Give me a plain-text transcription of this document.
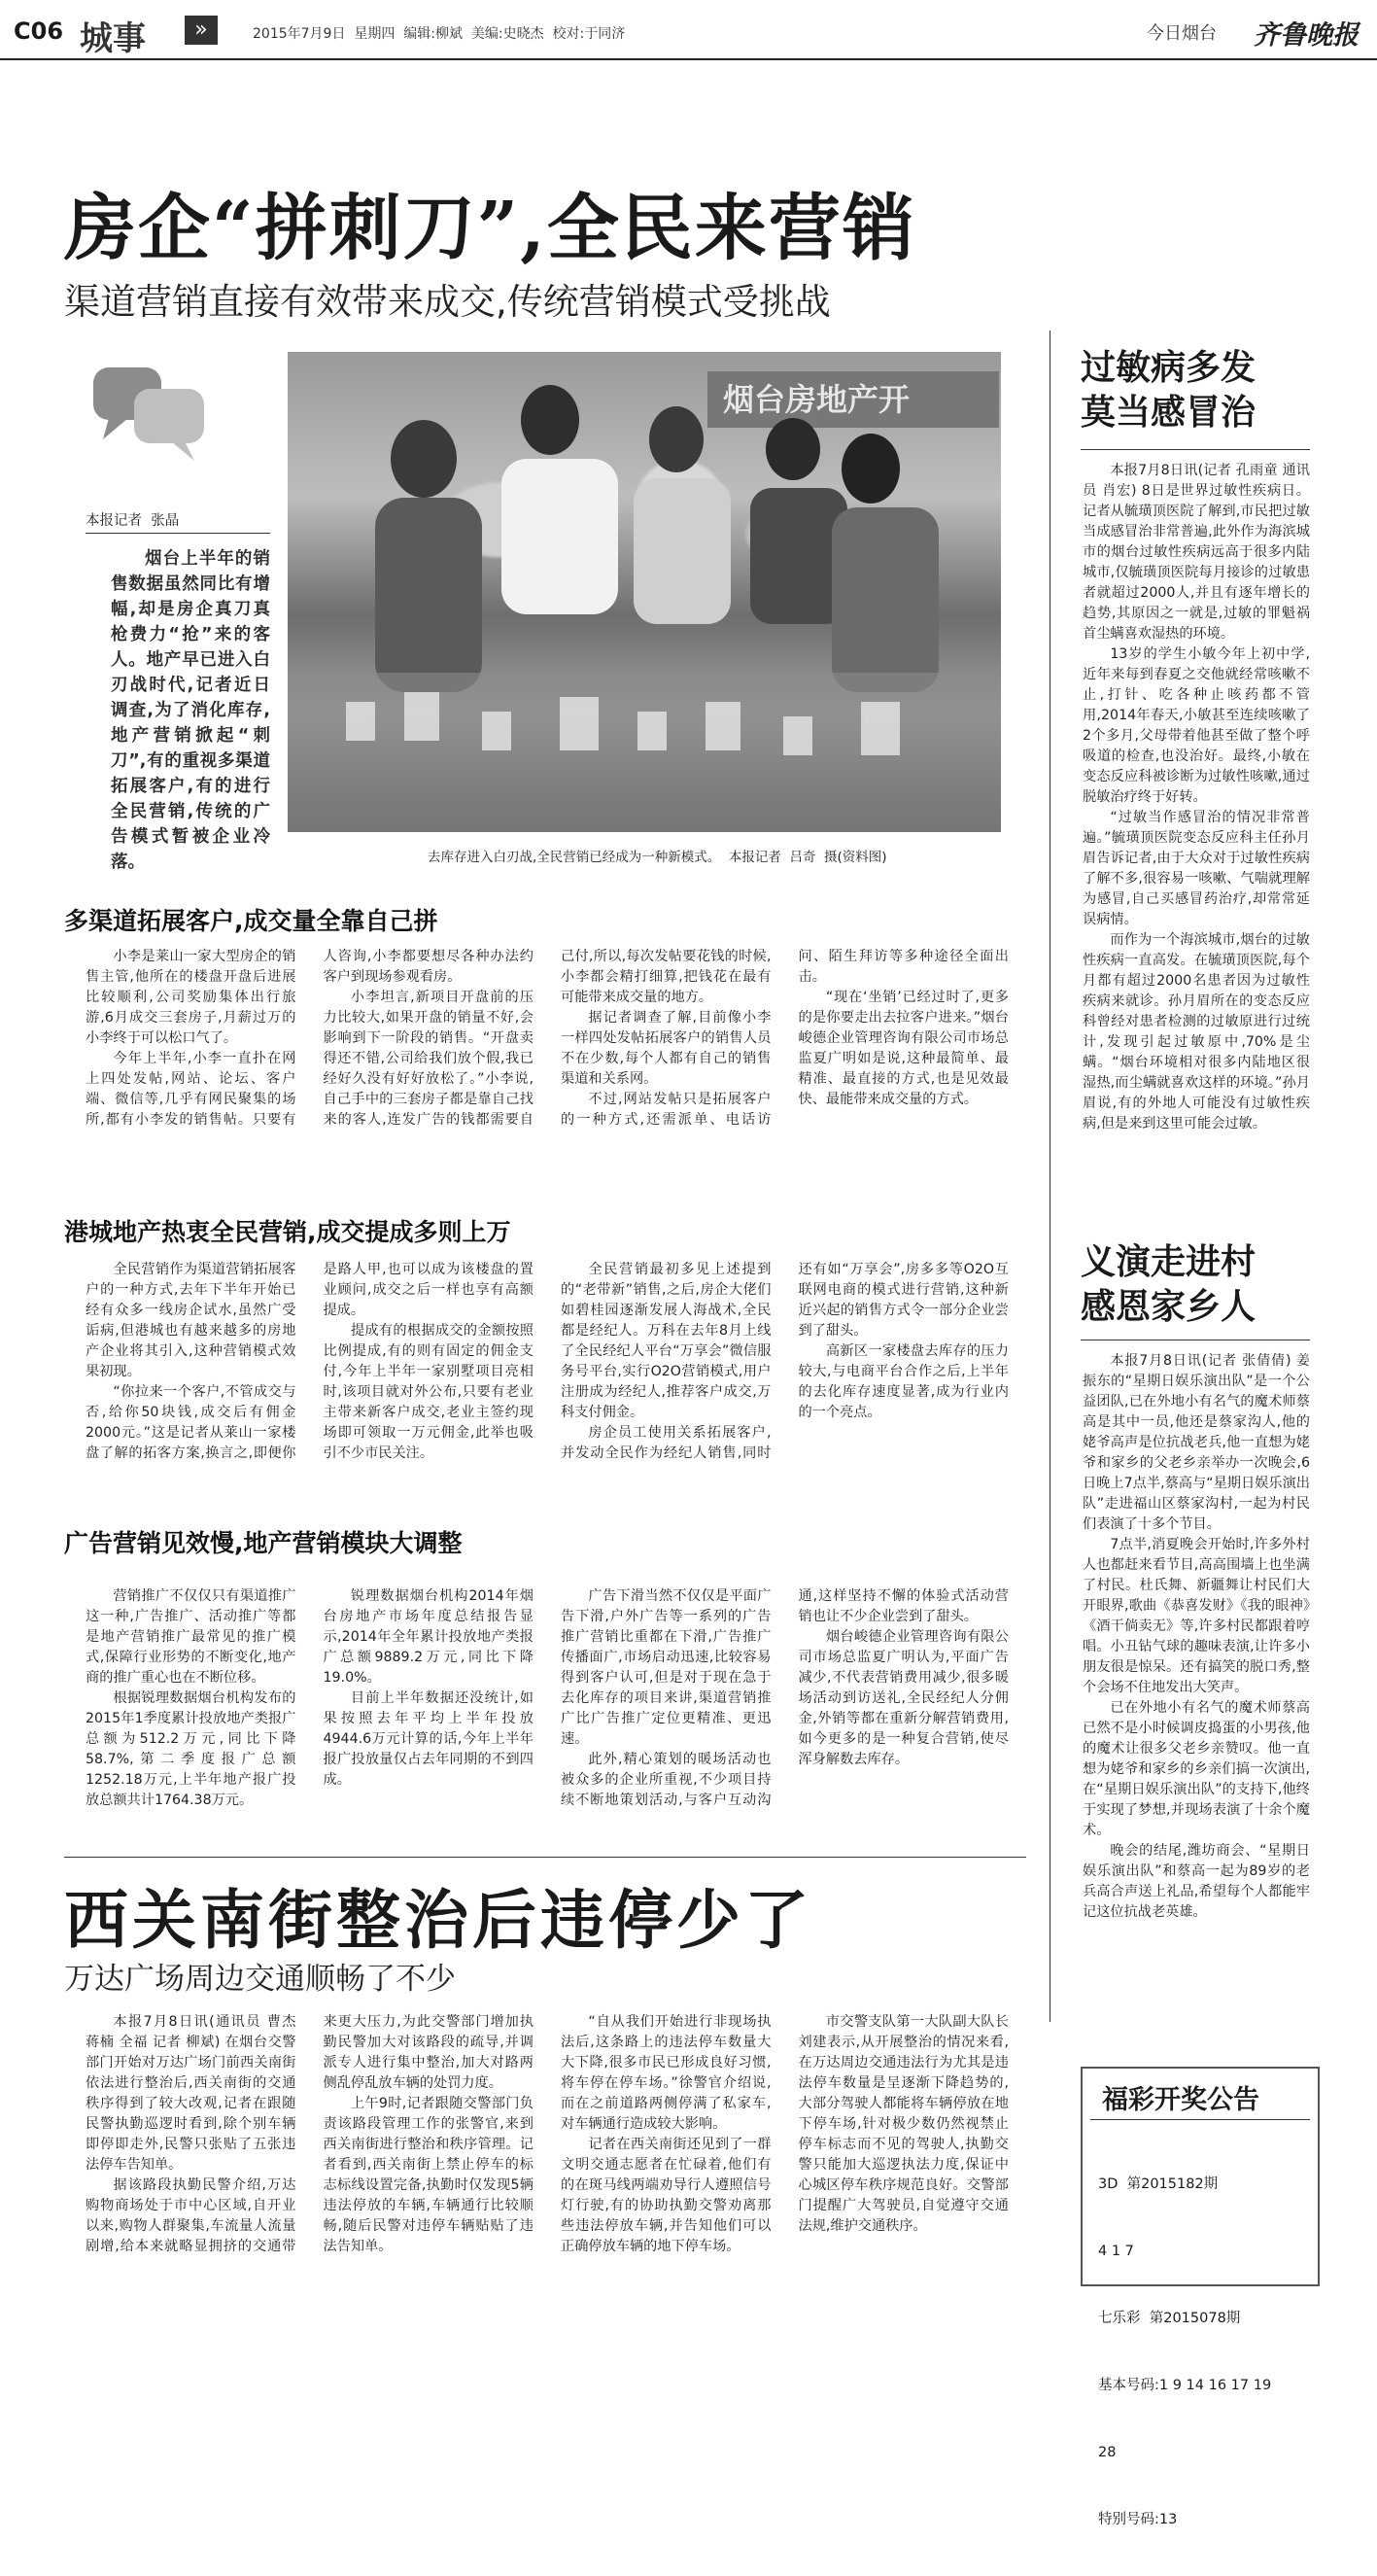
C06 城事	»	2015年7月9日  星期四  编辑:柳斌  美编:史晓杰  校对:于同济	今日烟台 齐鲁晚报
房企“拼刺刀”,全民来营销
渠道营销直接有效带来成交,传统营销模式受挑战
本报记者  张晶

烟台上半年的销售数据虽然同比有增幅,却是房企真刀真枪费力“抢”来的客人。地产早已进入白刃战时代,记者近日调查,为了消化库存,地产营销掀起“刺刀”,有的重视多渠道拓展客户,有的进行全民营销,传统的广告模式暂被企业冷落。

烟台房地产开
去库存进入白刃战,全民营销已经成为一种新模式。  本报记者  吕奇  摄(资料图)
多渠道拓展客户,成交量全靠自己拼

小李是莱山一家大型房企的销售主管,他所在的楼盘开盘后进展比较顺利,公司奖励集体出行旅游,6月成交三套房子,月薪过万的小李终于可以松口气了。

今年上半年,小李一直扑在网上四处发帖,网站、论坛、客户端、微信等,几乎有网民聚集的场所,都有小李发的销售帖。只要有人咨询,小李都要想尽各种办法约客户到现场参观看房。

小李坦言,新项目开盘前的压力比较大,如果开盘的销量不好,会影响到下一阶段的销售。“开盘卖得还不错,公司给我们放个假,我已经好久没有好好放松了。”小李说,自己手中的三套房子都是靠自己找来的客人,连发广告的钱都需要自己付,所以,每次发帖要花钱的时候,小李都会精打细算,把钱花在最有可能带来成交量的地方。

据记者调查了解,目前像小李一样四处发帖拓展客户的销售人员不在少数,每个人都有自己的销售渠道和关系网。

不过,网站发帖只是拓展客户的一种方式,还需派单、电话访问、陌生拜访等多种途径全面出击。

“现在‘坐销’已经过时了,更多的是你要走出去拉客户进来。”烟台峻德企业管理咨询有限公司市场总监夏广明如是说,这种最简单、最精准、最直接的方式,也是见效最快、最能带来成交量的方式。

港城地产热衷全民营销,成交提成多则上万

全民营销作为渠道营销拓展客户的一种方式,去年下半年开始已经有众多一线房企试水,虽然广受诟病,但港城也有越来越多的房地产企业将其引入,这种营销模式效果初现。

“你拉来一个客户,不管成交与否,给你50块钱,成交后有佣金2000元。”这是记者从莱山一家楼盘了解的拓客方案,换言之,即便你是路人甲,也可以成为该楼盘的置业顾问,成交之后一样也享有高额提成。

提成有的根据成交的金额按照比例提成,有的则有固定的佣金支付,今年上半年一家别墅项目亮相时,该项目就对外公布,只要有老业主带来新客户成交,老业主签约现场即可领取一万元佣金,此举也吸引不少市民关注。

全民营销最初多见上述提到的“老带新”销售,之后,房企大佬们如碧桂园逐渐发展人海战术,全民都是经纪人。万科在去年8月上线了全民经纪人平台“万享会”微信服务号平台,实行O2O营销模式,用户注册成为经纪人,推荐客户成交,万科支付佣金。

房企员工使用关系拓展客户,并发动全民作为经纪人销售,同时还有如“万享会”,房多多等O2O互联网电商的模式进行营销,这种新近兴起的销售方式令一部分企业尝到了甜头。

高新区一家楼盘去库存的压力较大,与电商平台合作之后,上半年的去化库存速度显著,成为行业内的一个亮点。

广告营销见效慢,地产营销模块大调整

营销推广不仅仅只有渠道推广这一种,广告推广、活动推广等都是地产营销推广最常见的推广模式,保障行业形势的不断变化,地产商的推广重心也在不断位移。

根据锐理数据烟台机构发布的2015年1季度累计投放地产类报广总额为512.2万元,同比下降58.7%,第二季度报广总额1252.18万元,上半年地产报广投放总额共计1764.38万元。

锐理数据烟台机构2014年烟台房地产市场年度总结报告显示,2014年全年累计投放地产类报广总额9889.2万元,同比下降19.0%。

目前上半年数据还没统计,如果按照去年平均上半年投放4944.6万元计算的话,今年上半年报广投放量仅占去年同期的不到四成。

广告下滑当然不仅仅是平面广告下滑,户外广告等一系列的广告推广营销比重都在下滑,广告推广传播面广,市场启动迅速,比较容易得到客户认可,但是对于现在急于去化库存的项目来讲,渠道营销推广比广告推广定位更精准、更迅速。

此外,精心策划的暖场活动也被众多的企业所重视,不少项目持续不断地策划活动,与客户互动沟通,这样坚持不懈的体验式活动营销也让不少企业尝到了甜头。

烟台峻德企业管理咨询有限公司市场总监夏广明认为,平面广告减少,不代表营销费用减少,很多暖场活动到访送礼,全民经纪人分佣金,外销等都在重新分解营销费用,如今更多的是一种复合营销,使尽浑身解数去库存。

过敏病多发
莫当感冒治

本报7月8日讯(记者 孔雨童 通讯员 肖宏) 8日是世界过敏性疾病日。记者从毓璜顶医院了解到,市民把过敏当成感冒治非常普遍,此外作为海滨城市的烟台过敏性疾病远高于很多内陆城市,仅毓璜顶医院每月接诊的过敏患者就超过2000人,并且有逐年增长的趋势,其原因之一就是,过敏的罪魁祸首尘螨喜欢湿热的环境。

13岁的学生小敏今年上初中学,近年来每到春夏之交他就经常咳嗽不止,打针、吃各种止咳药都不管用,2014年春天,小敏甚至连续咳嗽了2个多月,父母带着他甚至做了整个呼吸道的检查,也没治好。最终,小敏在变态反应科被诊断为过敏性咳嗽,通过脱敏治疗终于好转。

“过敏当作感冒治的情况非常普遍。”毓璜顶医院变态反应科主任孙月眉告诉记者,由于大众对于过敏性疾病了解不多,很容易一咳嗽、气喘就理解为感冒,自己买感冒药治疗,却常常延误病情。

而作为一个海滨城市,烟台的过敏性疾病一直高发。在毓璜顶医院,每个月都有超过2000名患者因为过敏性疾病来就诊。孙月眉所在的变态反应科曾经对患者检测的过敏原进行过统计,发现引起过敏原中,70%是尘螨。“烟台环境相对很多内陆地区很湿热,而尘螨就喜欢这样的环境。”孙月眉说,有的外地人可能没有过敏性疾病,但是来到这里可能会过敏。

义演走进村
感恩家乡人

本报7月8日讯(记者 张倩倩) 姜振东的“星期日娱乐演出队”是一个公益团队,已在外地小有名气的魔术师蔡高是其中一员,他还是蔡家沟人,他的姥爷高声是位抗战老兵,他一直想为姥爷和家乡的父老乡亲举办一次晚会,6日晚上7点半,蔡高与“星期日娱乐演出队”走进福山区蔡家沟村,一起为村民们表演了十多个节目。

7点半,消夏晚会开始时,许多外村人也都赶来看节目,高高围墙上也坐满了村民。杜氏舞、新疆舞让村民们大开眼界,歌曲《恭喜发财》《我的眼神》《酒干倘卖无》等,许多村民都跟着哼唱。小丑钻气球的趣味表演,让许多小朋友很是惊呆。还有搞笑的脱口秀,整个会场不住地发出大笑声。

已在外地小有名气的魔术师蔡高已然不是小时候调皮捣蛋的小男孩,他的魔术让很多父老乡亲赞叹。他一直想为姥爷和家乡的乡亲们搞一次演出,在“星期日娱乐演出队”的支持下,他终于实现了梦想,并现场表演了十余个魔术。

晚会的结尾,潍坊商会、“星期日娱乐演出队”和蔡高一起为89岁的老兵高合声送上礼品,希望每个人都能牢记这位抗战老英雄。

西关南街整治后违停少了
万达广场周边交通顺畅了不少

本报7月8日讯(通讯员 曹杰 蒋楠 全福 记者 柳斌) 在烟台交警部门开始对万达广场门前西关南街依法进行整治后,西关南街的交通秩序得到了较大改观,记者在跟随民警执勤巡逻时看到,除个别车辆即停即走外,民警只张贴了五张违法停车告知单。

据该路段执勤民警介绍,万达购物商场处于市中心区域,自开业以来,购物人群聚集,车流量人流量剧增,给本来就略显拥挤的交通带来更大压力,为此交警部门增加执勤民警加大对该路段的疏导,并调派专人进行集中整治,加大对路两侧乱停乱放车辆的处罚力度。

上午9时,记者跟随交警部门负责该路段管理工作的张警官,来到西关南街进行整治和秩序管理。记者看到,西关南街上禁止停车的标志标线设置完备,执勤时仅发现5辆违法停放的车辆,车辆通行比较顺畅,随后民警对违停车辆贴贴了违法告知单。

“自从我们开始进行非现场执法后,这条路上的违法停车数量大大下降,很多市民已形成良好习惯,将车停在停车场。”徐警官介绍说,而在之前道路两侧停满了私家车,对车辆通行造成较大影响。

记者在西关南街还见到了一群文明交通志愿者在忙碌着,他们有的在斑马线两端劝导行人遵照信号灯行驶,有的协助执勤交警劝离那些违法停放车辆,并告知他们可以正确停放车辆的地下停车场。

市交警支队第一大队副大队长刘建表示,从开展整治的情况来看,在万达周边交通违法行为尤其是违法停车数量是呈逐渐下降趋势的,大部分驾驶人都能将车辆停放在地下停车场,针对极少数仍然视禁止停车标志而不见的驾驶人,执勤交警只能加大巡逻执法力度,保证中心城区停车秩序规范良好。交警部门提醒广大驾驶员,自觉遵守交通法规,维护交通秩序。

福彩开奖公告

3D  第2015182期

4 1 7

七乐彩  第2015078期

基本号码:1 9 14 16 17 19

28

特别号码:13
